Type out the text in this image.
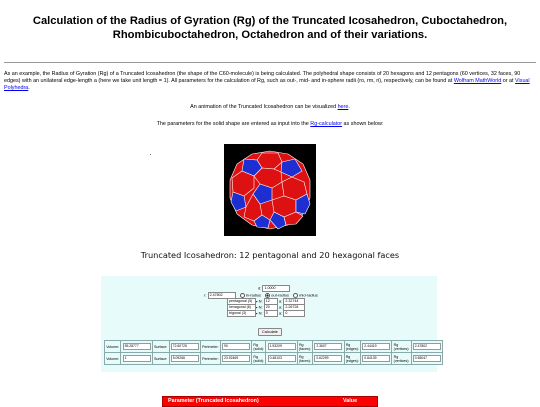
Calculation of the Radius of Gyration (Rg) of the Truncated Icosahedron, Cuboctahedron,
Rhombicuboctahedron, Octahedron and of their variations.

As an example, the Radius of Gyration (Rg) of a Truncated Icosahedron (the shape of the C60-molecule) is being calculated. The polyhedral shape consists of 20 hexagons and 12 pentagons (60 vertices, 32 faces, 90 edges) with an unilateral edge-length a (here we take unit length = 1). All parameters for the calculation of Rg, such as out-, mid- and in-sphere radii (ro, rm, ri), respectively, can be found at Wolfram MathWorld or at Visual Polyhedra.

An animation of the Truncated Icosahedron can be visualized here.

The parameters for the solid shape are entered as input into the Rg-calculator as shown below:

Truncated Icosahedron: 12 pentagonal and 20 hexagonal faces

d: 1.0000
r: 2.47802	in-radius	out-radius	mid-radius
pentagonal (5) ▾ N: 12 a: 2.32744
hexagonal (6) ▾ N: 20 a: 2.26728
trigonal (3)	▾ N: 0	a: 0
Calculate
Volume:	55.28777	Surface:	72.60725	Perimeter:	90	Rg (solid):	1.93209	Rg (faces):	2.3607	Rg (edges):	2.44419	Rg (vertices):	2.47802
Volume:	1	Surface:	5.09266	Perimeter:	23.92469	Rg (solid):	0.48103	Rg (faces):	0.62299	Rg (edges):	0.64139	Rg (vertices):	0.65047
Parameter (Truncated Icosahedron)	Value
